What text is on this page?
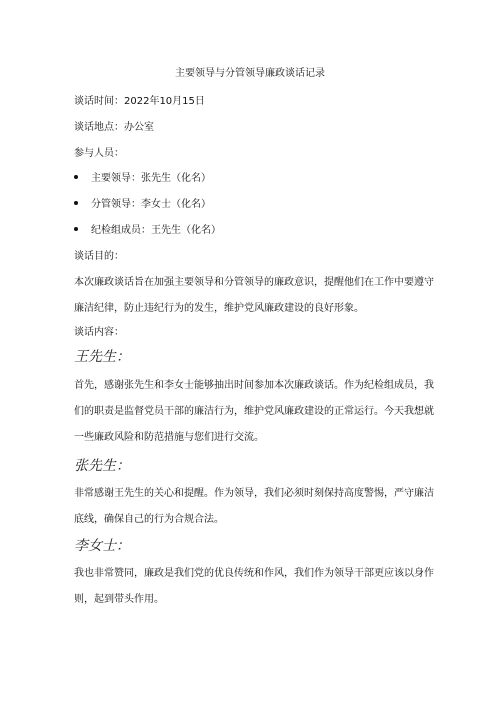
主要领导与分管领导廉政谈话记录
谈话时间：2022年10月15日
谈话地点：办公室
参与人员：
主要领导：张先生（化名）
分管领导：李女士（化名）
纪检组成员：王先生（化名）
谈话目的：
本次廉政谈话旨在加强主要领导和分管领导的廉政意识，提醒他们在工作中要遵守廉洁纪律，防止违纪行为的发生，维护党风廉政建设的良好形象。
谈话内容：
王先生：
首先，感谢张先生和李女士能够抽出时间参加本次廉政谈话。作为纪检组成员，我们的职责是监督党员干部的廉洁行为，维护党风廉政建设的正常运行。今天我想就一些廉政风险和防范措施与您们进行交流。
张先生：
非常感谢王先生的关心和提醒。作为领导，我们必须时刻保持高度警惕，严守廉洁底线，确保自己的行为合规合法。
李女士：
我也非常赞同，廉政是我们党的优良传统和作风，我们作为领导干部更应该以身作则，起到带头作用。
